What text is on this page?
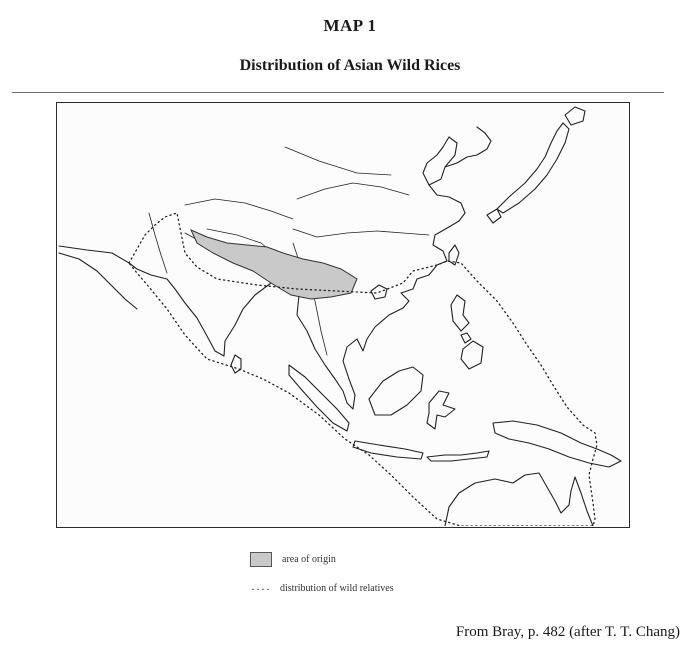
MAP 1
Distribution of Asian Wild Rices
area of origin
···· distribution of wild relatives
From Bray, p. 482 (after T. T. Chang)
